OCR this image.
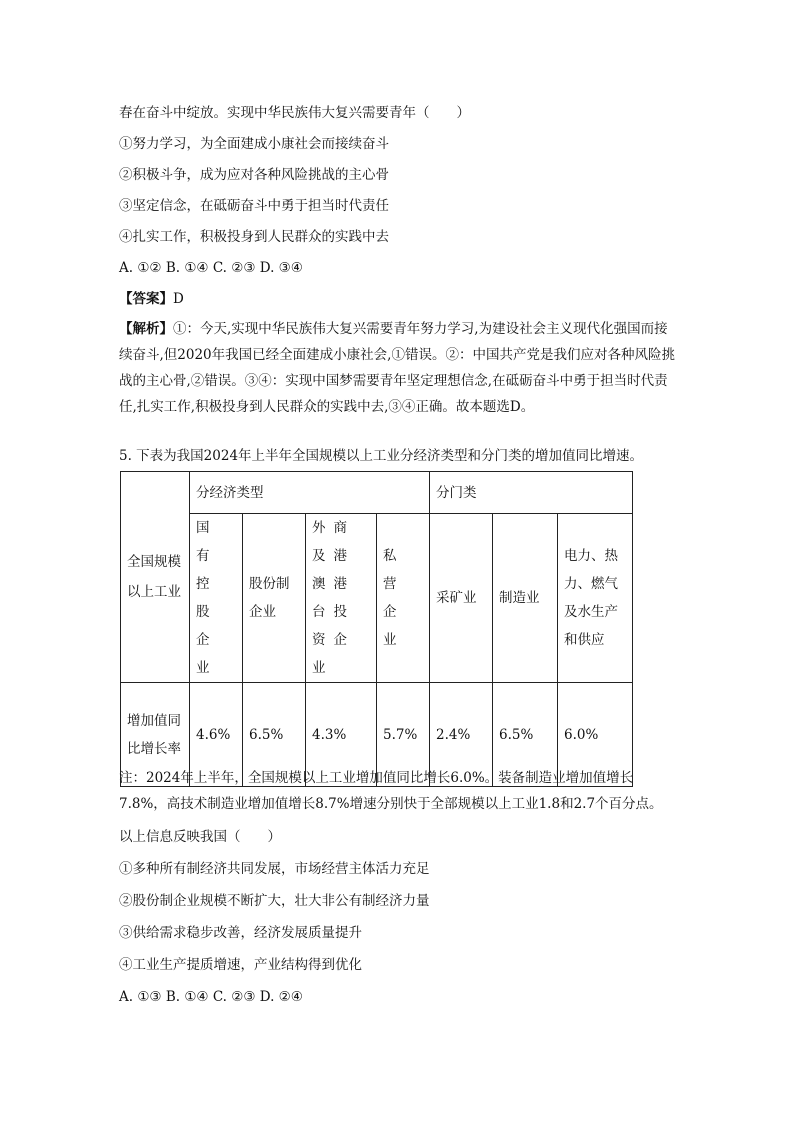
春在奋斗中绽放。实现中华民族伟大复兴需要青年（　　）
①努力学习，为全面建成小康社会而接续奋斗
②积极斗争，成为应对各种风险挑战的主心骨
③坚定信念，在砥砺奋斗中勇于担当时代责任
④扎实工作，积极投身到人民群众的实践中去
A. ①② B. ①④ C. ②③ D. ③④
【答案】D
【解析】①：今天,实现中华民族伟大复兴需要青年努力学习,为建设社会主义现代化强国而接续奋斗,但2020年我国已经全面建成小康社会,①错误。②：中国共产党是我们应对各种风险挑战的主心骨,②错误。③④：实现中国梦需要青年坚定理想信念,在砥砺奋斗中勇于担当时代责任,扎实工作,积极投身到人民群众的实践中去,③④正确。故本题选D。
5. 下表为我国2024年上半年全国规模以上工业分经济类型和分门类的增加值同比增速。
全国规模以上工业	分经济类型				分门类		
	国有控股企业	股份制企业	外商及港澳港台投资企业	私营企业	采矿业	制造业	电力、热力、燃气及水生产和供应
增加值同比增长率	4.6%	6.5%	4.3%	5.7%	2.4%	6.5%	6.0%
注：2024年上半年，全国规模以上工业增加值同比增长6.0%。装备制造业增加值增长7.8%，高技术制造业增加值增长8.7%增速分别快于全部规模以上工业1.8和2.7个百分点。
以上信息反映我国（　　）
①多种所有制经济共同发展，市场经营主体活力充足
②股份制企业规模不断扩大，壮大非公有制经济力量
③供给需求稳步改善，经济发展质量提升
④工业生产提质增速，产业结构得到优化
A. ①③ B. ①④ C. ②③ D. ②④
